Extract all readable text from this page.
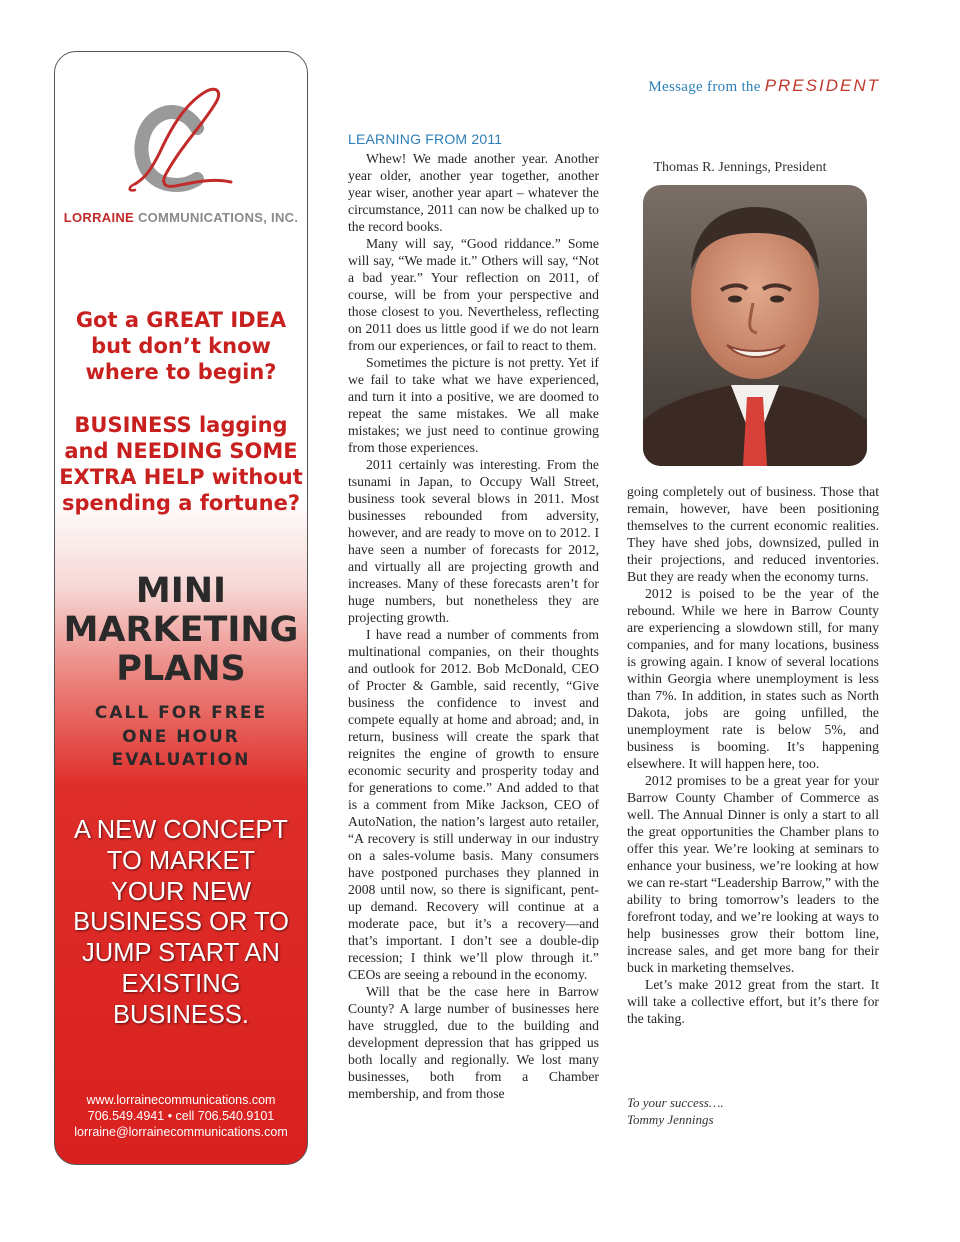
LORRAINE COMMUNICATIONS, INC.
Got a GREAT IDEA
but don’t know
where to begin?
BUSINESS lagging
and NEEDING SOME
EXTRA HELP without
spending a fortune?
MINI
MARKETING
PLANS
CALL FOR FREE
ONE HOUR
EVALUATION
A NEW CONCEPT
TO MARKET
YOUR NEW
BUSINESS OR TO
JUMP START AN
EXISTING
BUSINESS.
www.lorrainecommunications.com
706.549.4941 • cell 706.540.9101
lorraine@lorrainecommunications.com
Message from the PRESIDENT
LEARNING FROM 2011

Whew! We made another year. Another year older, another year together, another year wiser, another year apart – whatever the circumstance, 2011 can now be chalked up to the record books.

Many will say, “Good riddance.” Some will say, “We made it.” Others will say, “Not a bad year.” Your reflection on 2011, of course, will be from your perspective and those closest to you. Nevertheless, reflecting on 2011 does us little good if we do not learn from our experiences, or fail to react to them.

Sometimes the picture is not pretty. Yet if we fail to take what we have experienced, and turn it into a positive, we are doomed to repeat the same mistakes. We all make mistakes; we just need to continue growing from those experiences.

2011 certainly was interesting. From the tsunami in Japan, to Occupy Wall Street, business took several blows in 2011. Most businesses rebounded from adversity, however, and are ready to move on to 2012. I have seen a number of forecasts for 2012, and virtually all are projecting growth and increases. Many of these forecasts aren’t for huge numbers, but nonetheless they are projecting growth.

I have read a number of comments from multinational companies, on their thoughts and outlook for 2012. Bob McDonald, CEO of Procter & Gamble, said recently, “Give business the confidence to invest and compete equally at home and abroad; and, in return, business will create the spark that reignites the engine of growth to ensure economic security and prosperity today and for generations to come.” And added to that is a comment from Mike Jackson, CEO of AutoNation, the nation’s largest auto retailer, “A recovery is still underway in our industry on a sales-volume basis. Many consumers have postponed purchases they planned in 2008 until now, so there is significant, pent-up demand. Recovery will continue at a moderate pace, but it’s a recovery—and that’s important. I don’t see a double-dip recession; I think we’ll plow through it.” CEOs are seeing a rebound in the economy.

Will that be the case here in Barrow County? A large number of businesses here have struggled, due to the building and development depression that has gripped us both locally and regionally. We lost many businesses, both from a Chamber membership, and from those

Thomas R. Jennings, President

going completely out of business. Those that remain, however, have been positioning themselves to the current economic realities. They have shed jobs, downsized, pulled in their projections, and reduced inventories. But they are ready when the economy turns.

2012 is poised to be the year of the rebound. While we here in Barrow County are experiencing a slowdown still, for many companies, and for many locations, business is growing again. I know of several locations within Georgia where unemployment is less than 7%. In addition, in states such as North Dakota, jobs are going unfilled, the unemployment rate is below 5%, and business is booming. It’s happening elsewhere. It will happen here, too.

2012 promises to be a great year for your Barrow County Chamber of Commerce as well. The Annual Dinner is only a start to all the great opportunities the Chamber plans to offer this year. We’re looking at seminars to enhance your business, we’re looking at how we can re-start “Leadership Barrow,” with the ability to bring tomorrow’s leaders to the forefront today, and we’re looking at ways to help businesses grow their bottom line, increase sales, and get more bang for their buck in marketing themselves.

Let’s make 2012 great from the start. It will take a collective effort, but it’s there for the taking.

To your success….
Tommy Jennings
